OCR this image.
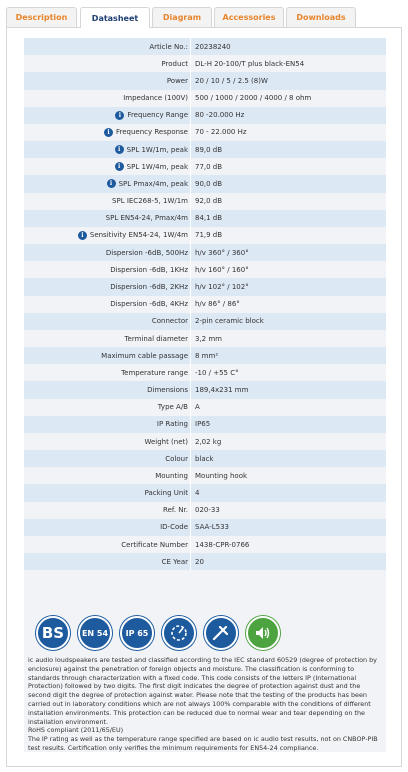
Description	Datasheet	Diagram	Accessories	Downloads
Article No.: 20238240
Product DL-H 20-100/T plus black-EN54
Power 20 / 10 / 5 / 2.5 (8)W
Impedance (100V) 500 / 1000 / 2000 / 4000 / 8 ohm
i Frequency Range 80 -20.000 Hz
i Frequency Response 70 - 22.000 Hz
i SPL 1W/1m, peak 89,0 dB
i SPL 1W/4m, peak 77,0 dB
i SPL Pmax/4m, peak 90,0 dB
SPL IEC268-5, 1W/1m 92,0 dB
SPL EN54-24, Pmax/4m 84,1 dB
i Sensitivity EN54-24, 1W/4m 71,9 dB
Dispersion -6dB, 500Hz h/v 360° / 360°
Dispersion -6dB, 1KHz h/v 160° / 160°
Dispersion -6dB, 2KHz h/v 102° / 102°
Dispersion -6dB, 4KHz h/v 86° / 86°
Connector 2-pin ceramic block
Terminal diameter 3,2 mm
Maximum cable passage 8 mm²
Temperature range -10 / +55 C°
Dimensions 189,4x231 mm
Type A/B A
IP Rating IP65
Weight (net) 2,02 kg
Colour black
Mounting Mounting hook
Packing Unit 4
Ref. Nr. 020-33
ID-Code SAA-L533
Certificate Number 1438-CPR-0766
CE Year 20
BS	EN 54	IP 65

ic audio loudspeakers are tested and classified according to the IEC standard 60529 (degree of protection by enclosure) against the penetration of foreign objects and moisture. The classification is conforming to standards through characterization with a fixed code. This code consists of the letters IP (International Protection) followed by two digits. The first digit indicates the degree of protection against dust and the second digit the degree of protection against water. Please note that the testing of the products has been carried out in laboratory conditions which are not always 100% comparable with the conditions of different installation environments. This protection can be reduced due to normal wear and tear depending on the installation environment.

RoHS compliant (2011/65/EU)

The IP rating as well as the temperature range specified are based on ic audio test results, not on CNBOP-PIB test results. Certification only verifies the minimum requirements for EN54-24 compliance.
